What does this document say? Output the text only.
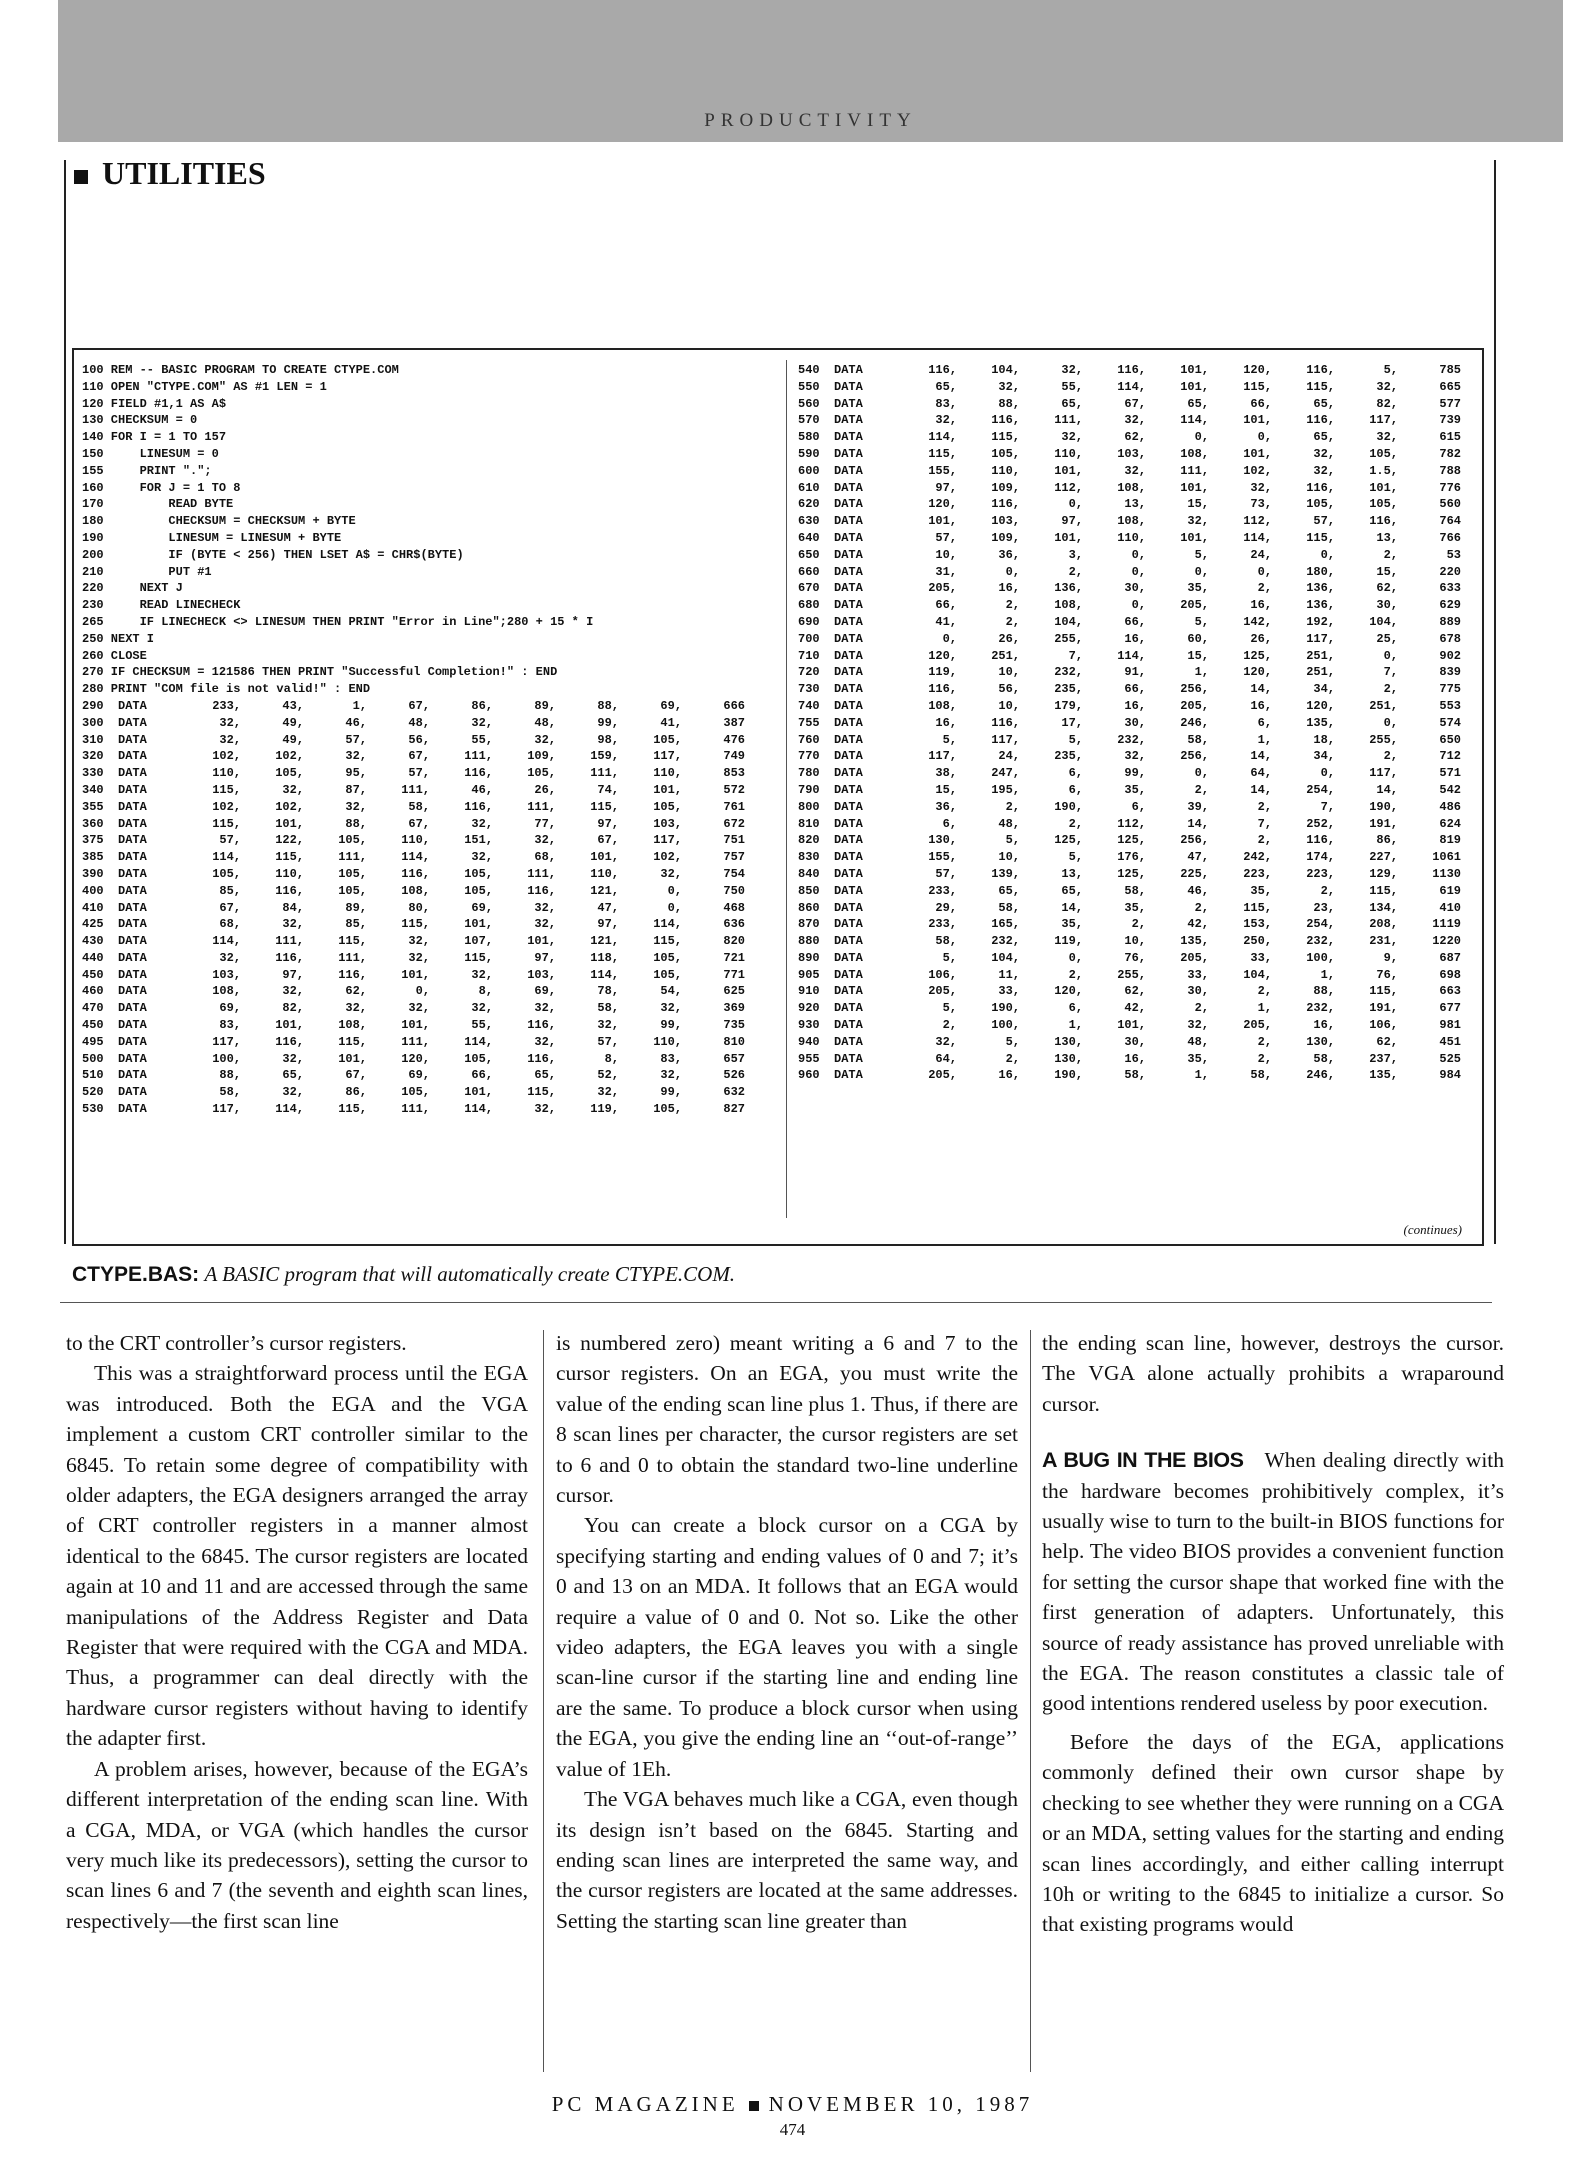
PRODUCTIVITY
UTILITIES
100 REM -- BASIC PROGRAM TO CREATE CTYPE.COM
110 OPEN "CTYPE.COM" AS #1 LEN = 1
120 FIELD #1,1 AS A$
130 CHECKSUM = 0
140 FOR I = 1 TO 157
150     LINESUM = 0
155     PRINT ".";
160     FOR J = 1 TO 8
170         READ BYTE
180         CHECKSUM = CHECKSUM + BYTE
190         LINESUM = LINESUM + BYTE
200         IF (BYTE < 256) THEN LSET A$ = CHR$(BYTE)
210         PUT #1
220     NEXT J
230     READ LINECHECK
265     IF LINECHECK <> LINESUM THEN PRINT "Error in Line";280 + 15 * I
250 NEXT I
260 CLOSE
270 IF CHECKSUM = 121586 THEN PRINT "Successful Completion!" : END
280 PRINT "COM file is not valid!" : END
290	DATA	233,	43,	1,	67,	86,	89,	88,	69,	666
300	DATA	32,	49,	46,	48,	32,	48,	99,	41,	387
310	DATA	32,	49,	57,	56,	55,	32,	98,	105,	476
320	DATA	102,	102,	32,	67,	111,	109,	159,	117,	749
330	DATA	110,	105,	95,	57,	116,	105,	111,	110,	853
340	DATA	115,	32,	87,	111,	46,	26,	74,	101,	572
355	DATA	102,	102,	32,	58,	116,	111,	115,	105,	761
360	DATA	115,	101,	88,	67,	32,	77,	97,	103,	672
375	DATA	57,	122,	105,	110,	151,	32,	67,	117,	751
385	DATA	114,	115,	111,	114,	32,	68,	101,	102,	757
390	DATA	105,	110,	105,	116,	105,	111,	110,	32,	754
400	DATA	85,	116,	105,	108,	105,	116,	121,	0,	750
410	DATA	67,	84,	89,	80,	69,	32,	47,	0,	468
425	DATA	68,	32,	85,	115,	101,	32,	97,	114,	636
430	DATA	114,	111,	115,	32,	107,	101,	121,	115,	820
440	DATA	32,	116,	111,	32,	115,	97,	118,	105,	721
450	DATA	103,	97,	116,	101,	32,	103,	114,	105,	771
460	DATA	108,	32,	62,	0,	8,	69,	78,	54,	625
470	DATA	69,	82,	32,	32,	32,	32,	58,	32,	369
450	DATA	83,	101,	108,	101,	55,	116,	32,	99,	735
495	DATA	117,	116,	115,	111,	114,	32,	57,	110,	810
500	DATA	100,	32,	101,	120,	105,	116,	8,	83,	657
510	DATA	88,	65,	67,	69,	66,	65,	52,	32,	526
520	DATA	58,	32,	86,	105,	101,	115,	32,	99,	632
530	DATA	117,	114,	115,	111,	114,	32,	119,	105,	827
540	DATA	116,	104,	32,	116,	101,	120,	116,	5,	785
550	DATA	65,	32,	55,	114,	101,	115,	115,	32,	665
560	DATA	83,	88,	65,	67,	65,	66,	65,	82,	577
570	DATA	32,	116,	111,	32,	114,	101,	116,	117,	739
580	DATA	114,	115,	32,	62,	0,	0,	65,	32,	615
590	DATA	115,	105,	110,	103,	108,	101,	32,	105,	782
600	DATA	155,	110,	101,	32,	111,	102,	32,	1.5,	788
610	DATA	97,	109,	112,	108,	101,	32,	116,	101,	776
620	DATA	120,	116,	0,	13,	15,	73,	105,	105,	560
630	DATA	101,	103,	97,	108,	32,	112,	57,	116,	764
640	DATA	57,	109,	101,	110,	101,	114,	115,	13,	766
650	DATA	10,	36,	3,	0,	5,	24,	0,	2,	53
660	DATA	31,	0,	2,	0,	0,	0,	180,	15,	220
670	DATA	205,	16,	136,	30,	35,	2,	136,	62,	633
680	DATA	66,	2,	108,	0,	205,	16,	136,	30,	629
690	DATA	41,	2,	104,	66,	5,	142,	192,	104,	889
700	DATA	0,	26,	255,	16,	60,	26,	117,	25,	678
710	DATA	120,	251,	7,	114,	15,	125,	251,	0,	902
720	DATA	119,	10,	232,	91,	1,	120,	251,	7,	839
730	DATA	116,	56,	235,	66,	256,	14,	34,	2,	775
740	DATA	108,	10,	179,	16,	205,	16,	120,	251,	553
755	DATA	16,	116,	17,	30,	246,	6,	135,	0,	574
760	DATA	5,	117,	5,	232,	58,	1,	18,	255,	650
770	DATA	117,	24,	235,	32,	256,	14,	34,	2,	712
780	DATA	38,	247,	6,	99,	0,	64,	0,	117,	571
790	DATA	15,	195,	6,	35,	2,	14,	254,	14,	542
800	DATA	36,	2,	190,	6,	39,	2,	7,	190,	486
810	DATA	6,	48,	2,	112,	14,	7,	252,	191,	624
820	DATA	130,	5,	125,	125,	256,	2,	116,	86,	819
830	DATA	155,	10,	5,	176,	47,	242,	174,	227,	1061
840	DATA	57,	139,	13,	125,	225,	223,	223,	129,	1130
850	DATA	233,	65,	65,	58,	46,	35,	2,	115,	619
860	DATA	29,	58,	14,	35,	2,	115,	23,	134,	410
870	DATA	233,	165,	35,	2,	42,	153,	254,	208,	1119
880	DATA	58,	232,	119,	10,	135,	250,	232,	231,	1220
890	DATA	5,	104,	0,	76,	205,	33,	100,	9,	687
905	DATA	106,	11,	2,	255,	33,	104,	1,	76,	698
910	DATA	205,	33,	120,	62,	30,	2,	88,	115,	663
920	DATA	5,	190,	6,	42,	2,	1,	232,	191,	677
930	DATA	2,	100,	1,	101,	32,	205,	16,	106,	981
940	DATA	32,	5,	130,	30,	48,	2,	130,	62,	451
955	DATA	64,	2,	130,	16,	35,	2,	58,	237,	525
960	DATA	205,	16,	190,	58,	1,	58,	246,	135,	984
(continues)
CTYPE.BAS: A BASIC program that will automatically create CTYPE.COM.

to the CRT controller’s cursor registers.

This was a straightforward process until the EGA was introduced. Both the EGA and the VGA implement a custom CRT controller similar to the 6845. To retain some degree of compatibility with older adapters, the EGA designers arranged the array of CRT controller registers in a manner almost identical to the 6845. The cursor registers are located again at 10 and 11 and are accessed through the same manipulations of the Address Register and Data Register that were required with the CGA and MDA. Thus, a programmer can deal directly with the hardware cursor registers without having to identify the adapter first.

A problem arises, however, because of the EGA’s different interpretation of the ending scan line. With a CGA, MDA, or VGA (which handles the cursor very much like its predecessors), setting the cursor to scan lines 6 and 7 (the seventh and eighth scan lines, respectively—the first scan line

is numbered zero) meant writing a 6 and 7 to the cursor registers. On an EGA, you must write the value of the ending scan line plus 1. Thus, if there are 8 scan lines per character, the cursor registers are set to 6 and 0 to obtain the standard two-line underline cursor.

You can create a block cursor on a CGA by specifying starting and ending values of 0 and 7; it’s 0 and 13 on an MDA. It follows that an EGA would require a value of 0 and 0. Not so. Like the other video adapters, the EGA leaves you with a single scan-line cursor if the starting line and ending line are the same. To produce a block cursor when using the EGA, you give the ending line an ‘‘out-of-range’’ value of 1Eh.

The VGA behaves much like a CGA, even though its design isn’t based on the 6845. Starting and ending scan lines are interpreted the same way, and the cursor registers are located at the same addresses. Setting the starting scan line greater than

the ending scan line, however, destroys the cursor. The VGA alone actually prohibits a wraparound cursor.

A BUG IN THE BIOS When dealing directly with the hardware becomes prohibitively complex, it’s usually wise to turn to the built-in BIOS functions for help. The video BIOS provides a convenient function for setting the cursor shape that worked fine with the first generation of adapters. Unfortunately, this source of ready assistance has proved unreliable with the EGA. The reason constitutes a classic tale of good intentions rendered useless by poor execution.

Before the days of the EGA, applications commonly defined their own cursor shape by checking to see whether they were running on a CGA or an MDA, setting values for the starting and ending scan lines accordingly, and either calling interrupt 10h or writing to the 6845 to initialize a cursor. So that existing programs would

PC MAGAZINE NOVEMBER 10, 1987
474
